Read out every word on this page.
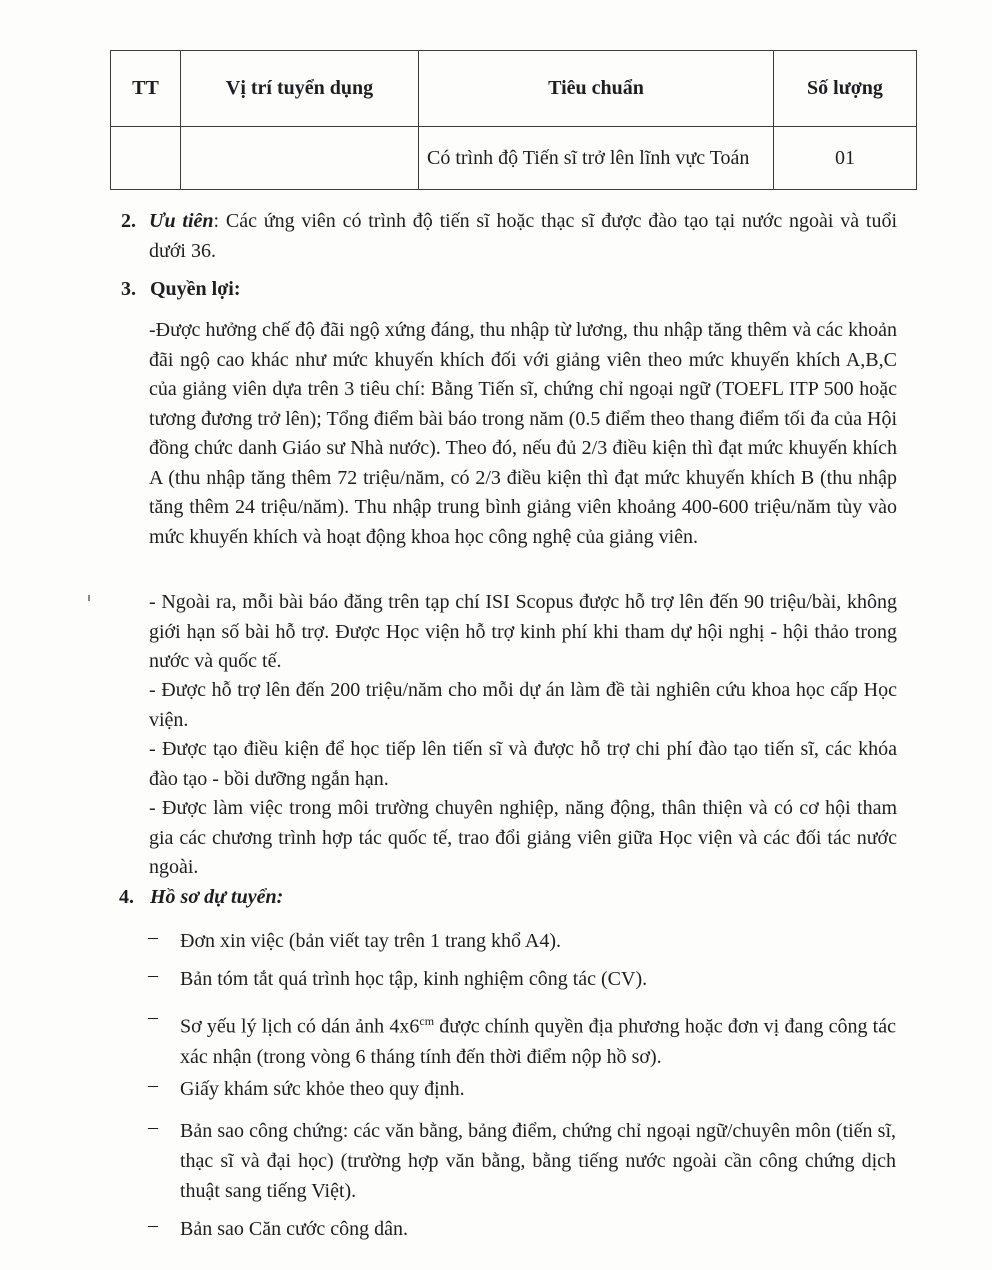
TT	Vị trí tuyển dụng	Tiêu chuẩn	Số lượng
		Có trình độ Tiến sĩ trở lên lĩnh vực Toán	01
2. Ưu tiên: Các ứng viên có trình độ tiến sĩ hoặc thạc sĩ được đào tạo tại nước ngoài và tuổi dưới 36.
3. Quyền lợi:
-Được hưởng chế độ đãi ngộ xứng đáng, thu nhập từ lương, thu nhập tăng thêm và các khoản đãi ngộ cao khác như mức khuyến khích đối với giảng viên theo mức khuyến khích A,B,C của giảng viên dựa trên 3 tiêu chí: Bằng Tiến sĩ, chứng chỉ ngoại ngữ (TOEFL ITP 500 hoặc tương đương trở lên); Tổng điểm bài báo trong năm (0.5 điểm theo thang điểm tối đa của Hội đồng chức danh Giáo sư Nhà nước). Theo đó, nếu đủ 2/3 điều kiện thì đạt mức khuyến khích A (thu nhập tăng thêm 72 triệu/năm, có 2/3 điều kiện thì đạt mức khuyến khích B (thu nhập tăng thêm 24 triệu/năm). Thu nhập trung bình giảng viên khoảng 400-600 triệu/năm tùy vào mức khuyến khích và hoạt động khoa học công nghệ của giảng viên.
- Ngoài ra, mỗi bài báo đăng trên tạp chí ISI Scopus được hỗ trợ lên đến 90 triệu/bài, không giới hạn số bài hỗ trợ. Được Học viện hỗ trợ kinh phí khi tham dự hội nghị - hội thảo trong nước và quốc tế.
- Được hỗ trợ lên đến 200 triệu/năm cho mỗi dự án làm đề tài nghiên cứu khoa học cấp Học viện.
- Được tạo điều kiện để học tiếp lên tiến sĩ và được hỗ trợ chi phí đào tạo tiến sĩ, các khóa đào tạo - bồi dưỡng ngắn hạn.
- Được làm việc trong môi trường chuyên nghiệp, năng động, thân thiện và có cơ hội tham gia các chương trình hợp tác quốc tế, trao đổi giảng viên giữa Học viện và các đối tác nước ngoài.
4. Hồ sơ dự tuyển:
– Đơn xin việc (bản viết tay trên 1 trang khổ A4).
– Bản tóm tắt quá trình học tập, kinh nghiệm công tác (CV).
– Sơ yếu lý lịch có dán ảnh $4x6^{cm}$ được chính quyền địa phương hoặc đơn vị đang công tác xác nhận (trong vòng 6 tháng tính đến thời điểm nộp hồ sơ).
– Giấy khám sức khỏe theo quy định.
– Bản sao công chứng: các văn bằng, bảng điểm, chứng chỉ ngoại ngữ/chuyên môn (tiến sĩ, thạc sĩ và đại học) (trường hợp văn bằng, bằng tiếng nước ngoài cần công chứng dịch thuật sang tiếng Việt).
– Bản sao Căn cước công dân.
